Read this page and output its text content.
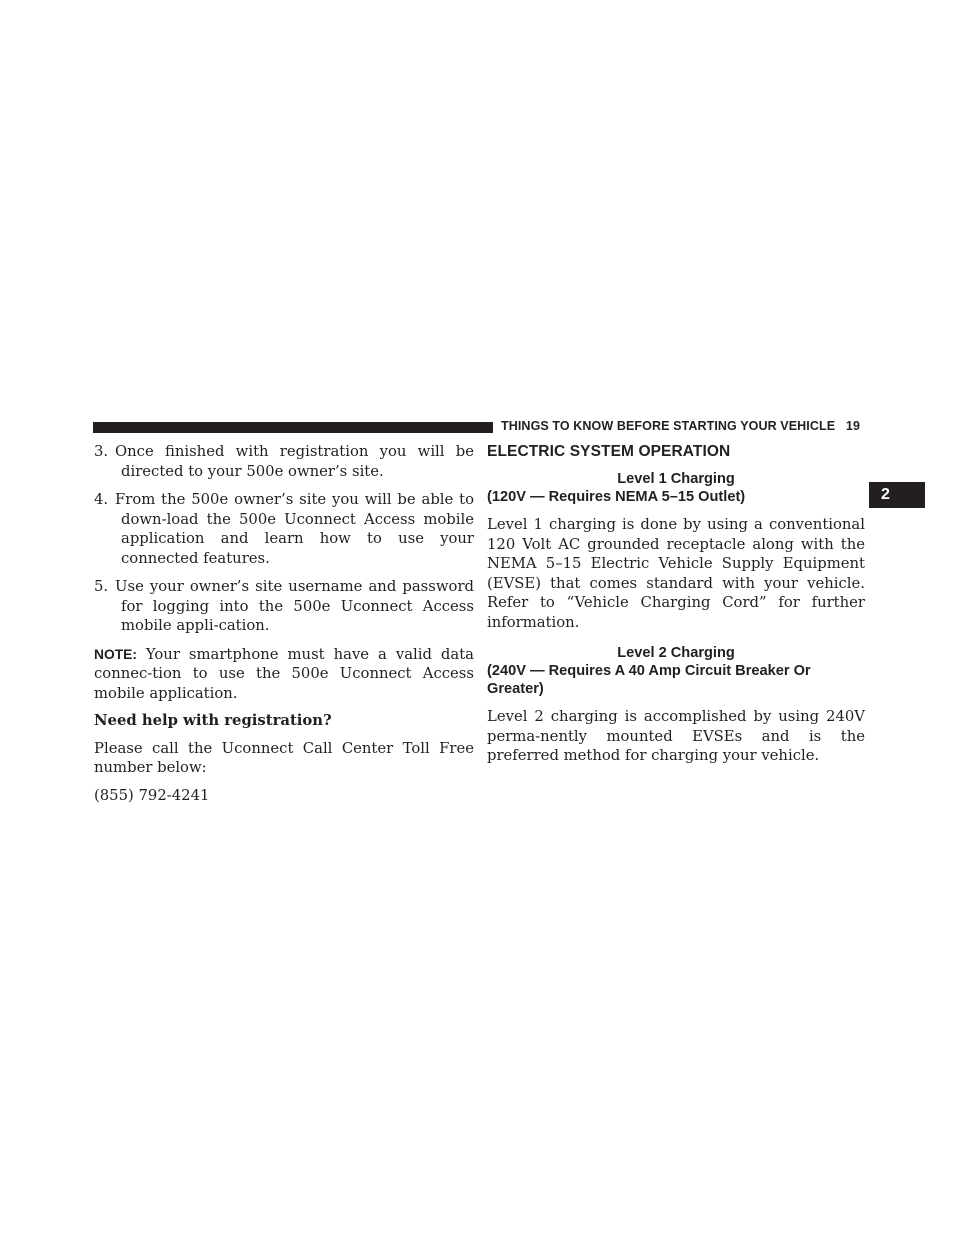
THINGS TO KNOW BEFORE STARTING YOUR VEHICLE 19
2
3. Once finished with registration you will be directed to your 500e owner’s site.
4. From the 500e owner’s site you will be able to down-load the 500e Uconnect Access mobile application and learn how to use your connected features.
5. Use your owner’s site username and password for logging into the 500e Uconnect Access mobile appli-cation.

NOTE: Your smartphone must have a valid data connec-tion to use the 500e Uconnect Access mobile application.

Need help with registration?

Please call the Uconnect Call Center Toll Free number below:

(855) 792-4241

ELECTRIC SYSTEM OPERATION
Level 1 Charging
(120V — Requires NEMA 5–15 Outlet)

Level 1 charging is done by using a conventional 120 Volt AC grounded receptacle along with the NEMA 5–15 Electric Vehicle Supply Equipment (EVSE) that comes standard with your vehicle. Refer to “Vehicle Charging Cord” for further information.

Level 2 Charging
(240V — Requires A 40 Amp Circuit Breaker Or Greater)

Level 2 charging is accomplished by using 240V perma-nently mounted EVSEs and is the preferred method for charging your vehicle.
